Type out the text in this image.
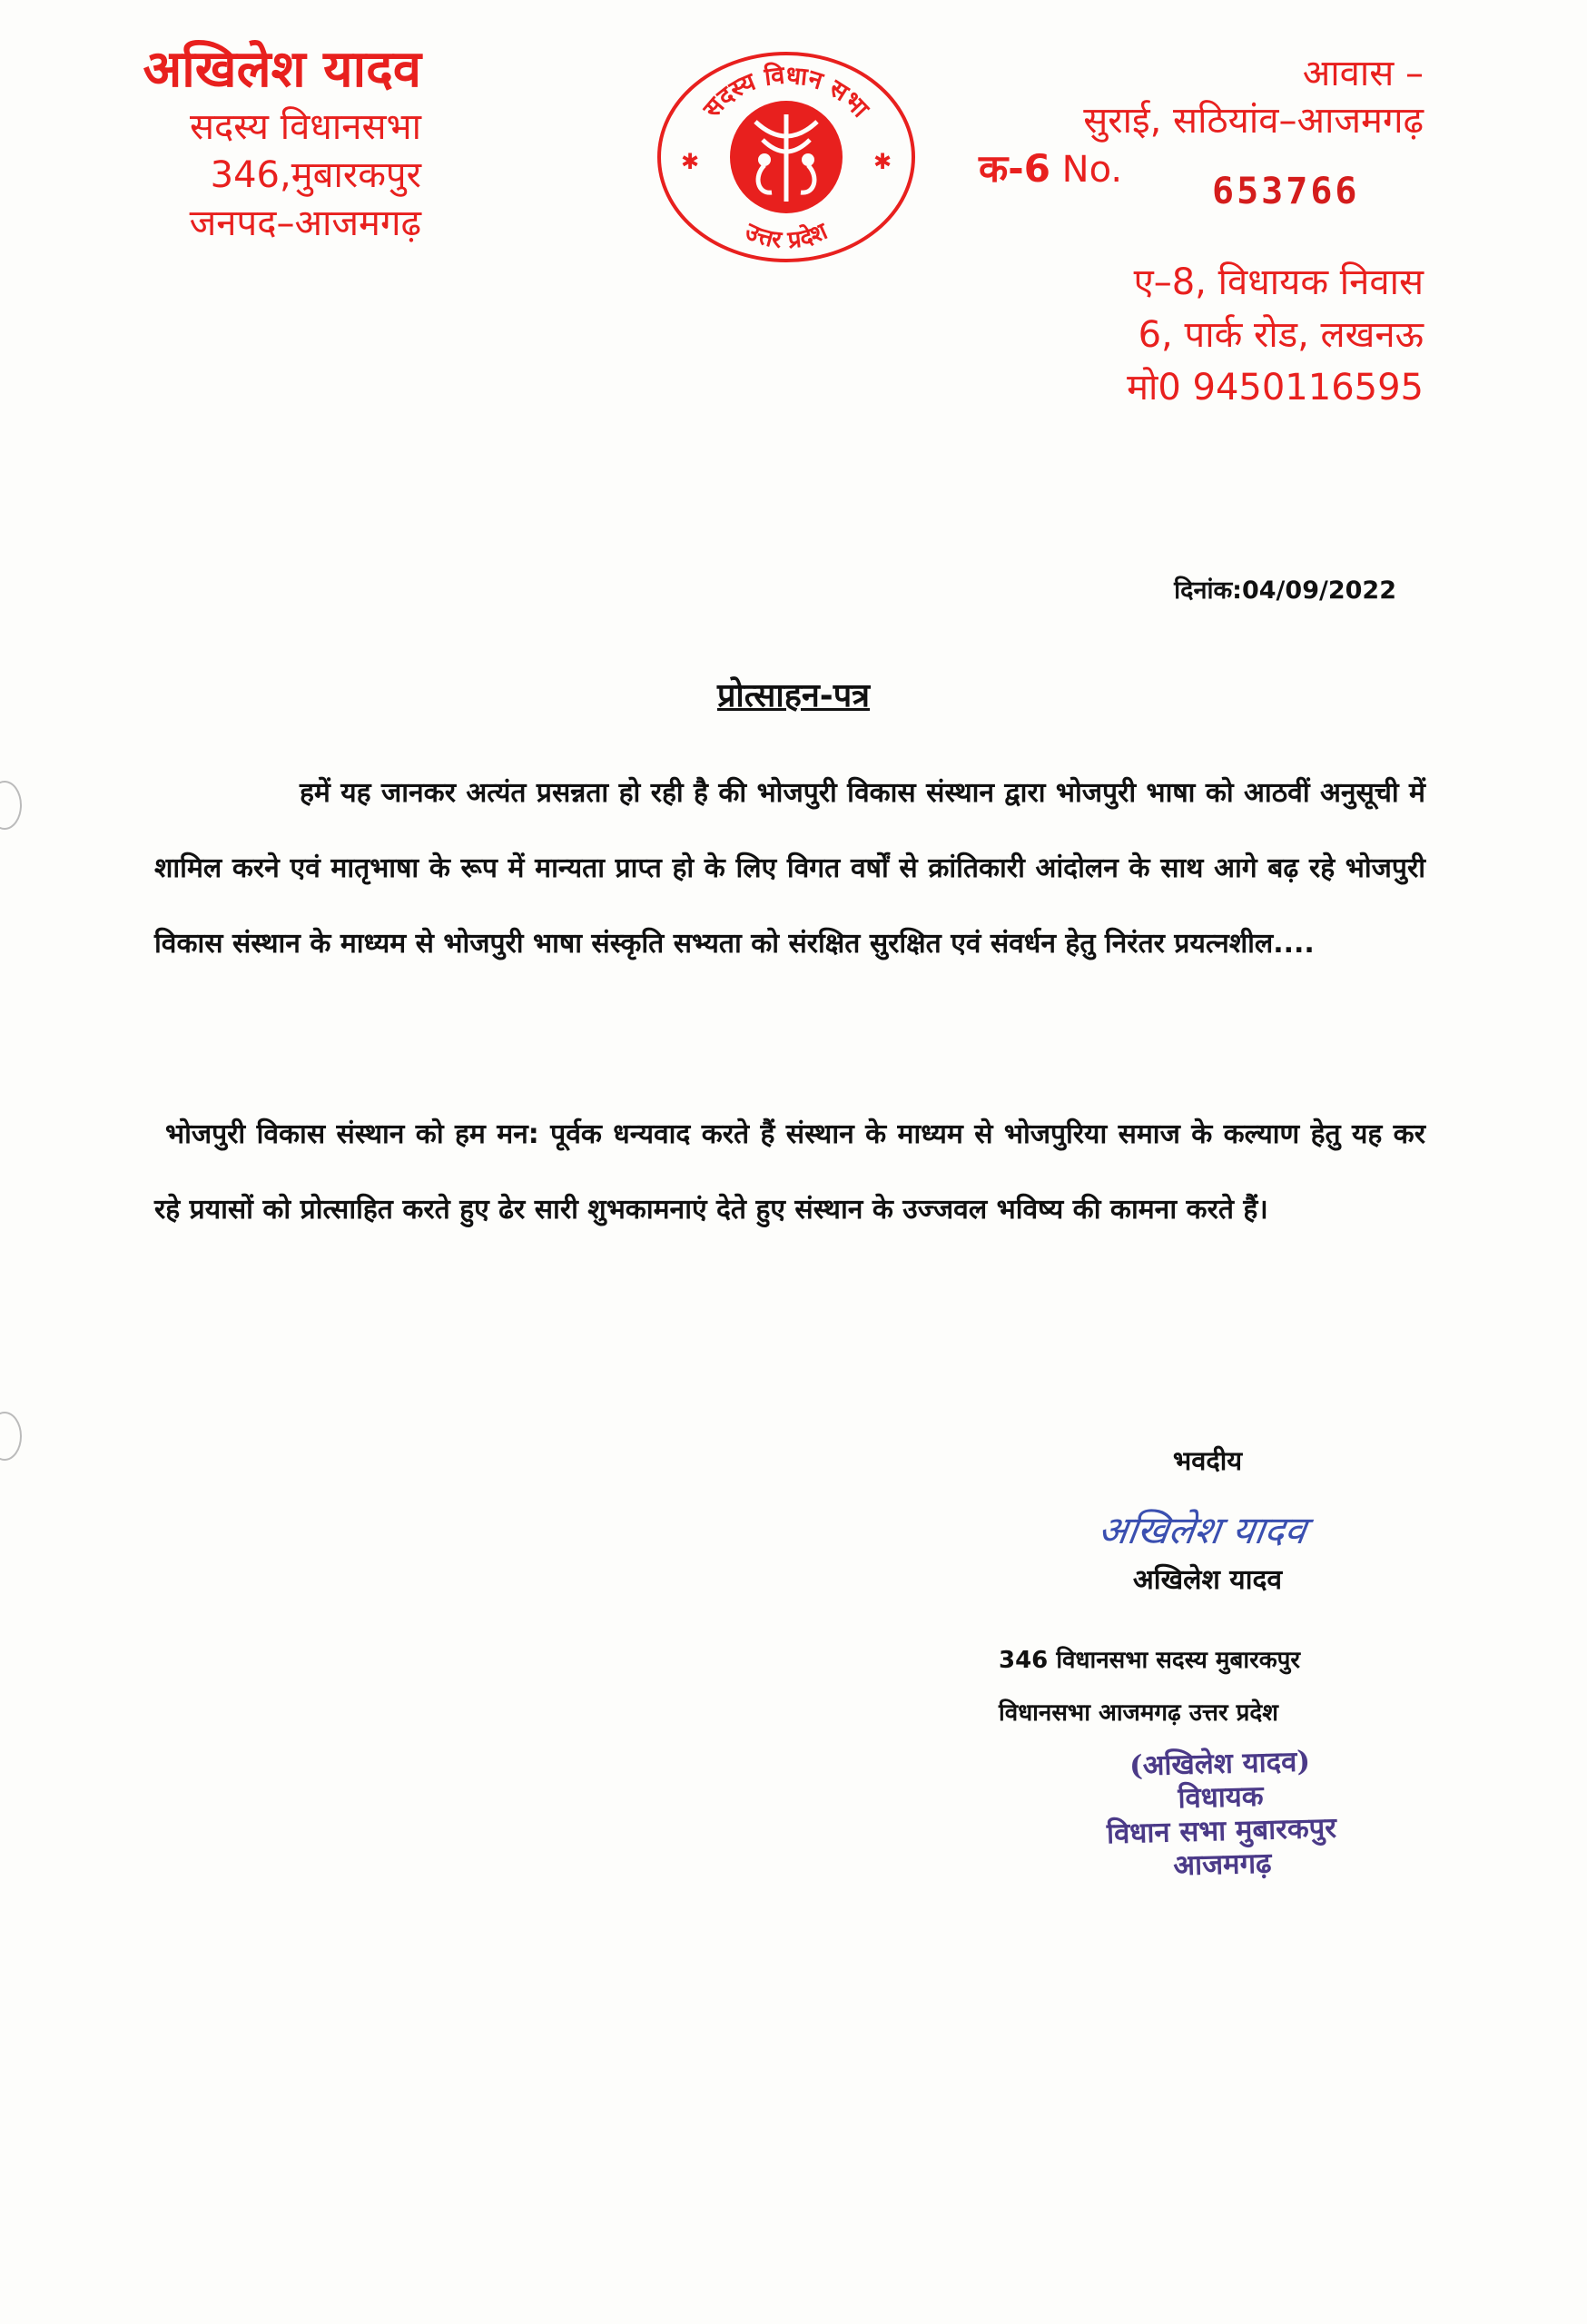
अखिलेश यादव
सदस्य विधानसभा
346,मुबारकपुर
जनपद–आजमगढ़
सदस्य विधान सभा
उत्तर प्रदेश
✱	✱
आवास –
सुराई, सठियांव–आजमगढ़
क-6 No.
653766
ए–8, विधायक निवास
6, पार्क रोड, लखनऊ
मो0 9450116595
दिनांक:04/09/2022
प्रोत्साहन-पत्र
हमें यह जानकर अत्यंत प्रसन्नता हो रही है की भोजपुरी विकास संस्थान द्वारा भोजपुरी भाषा को आठवीं अनुसूची में शामिल करने एवं मातृभाषा के रूप में मान्यता प्राप्त हो के लिए विगत वर्षों से क्रांतिकारी आंदोलन के साथ आगे बढ़ रहे भोजपुरी विकास संस्थान के माध्यम से भोजपुरी भाषा संस्कृति सभ्यता को संरक्षित सुरक्षित एवं संवर्धन हेतु निरंतर प्रयत्नशील....
भोजपुरी विकास संस्थान को हम मन: पूर्वक धन्यवाद करते हैं संस्थान के माध्यम से भोजपुरिया समाज के कल्याण हेतु यह कर रहे प्रयासों को प्रोत्साहित करते हुए ढेर सारी शुभकामनाएं देते हुए संस्थान के उज्जवल भविष्य की कामना करते हैं।
भवदीय
अखिलेश यादव
अखिलेश यादव
346 विधानसभा सदस्य मुबारकपुर
विधानसभा आजमगढ़ उत्तर प्रदेश
(अखिलेश यादव)
विधायक
विधान सभा मुबारकपुर
आजमगढ़
